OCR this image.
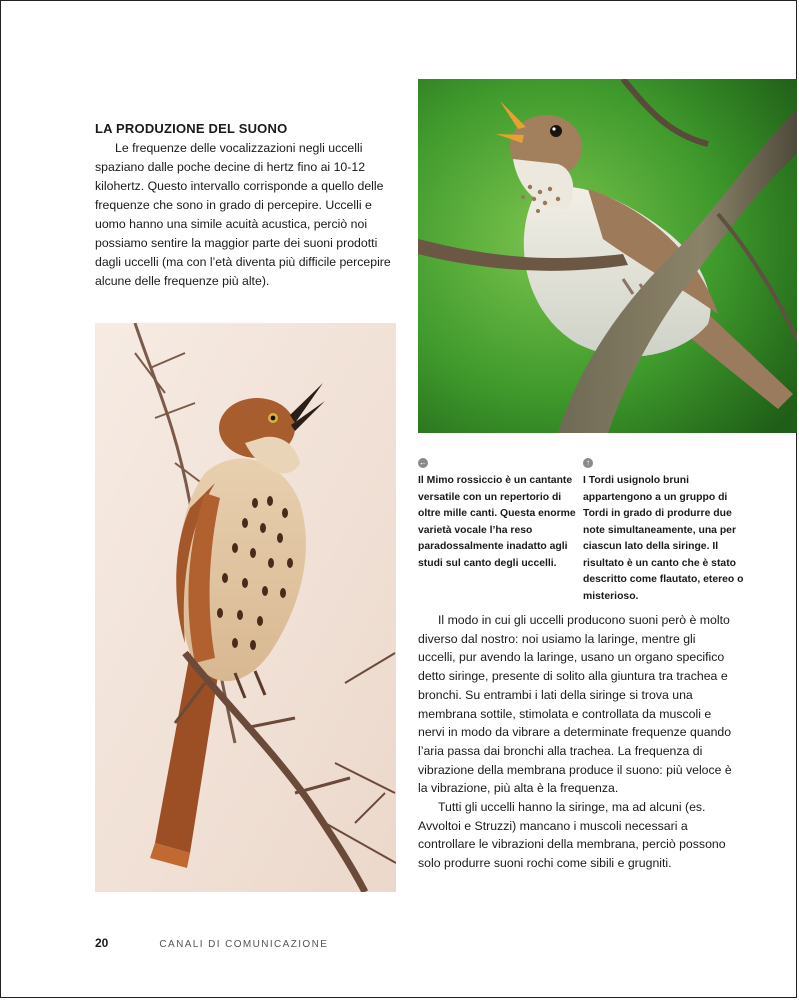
LA PRODUZIONE DEL SUONO

Le frequenze delle vocalizzazioni negli uccelli spaziano dalle poche decine di hertz fino ai 10-12 kilohertz. Questo intervallo corrisponde a quello delle frequenze che sono in grado di percepire. Uccelli e uomo hanno una simile acuità acustica, perciò noi possiamo sentire la maggior parte dei suoni prodotti dagli uccelli (ma con l’età diventa più difficile percepire alcune delle frequenze più alte).

←
Il Mimo rossiccio è un cantante versatile con un repertorio di oltre mille canti. Questa enorme varietà vocale l’ha reso paradossalmente inadatto agli studi sul canto degli uccelli.
↑
I Tordi usignolo bruni appartengono a un gruppo di Tordi in grado di produrre due note simultaneamente, una per ciascun lato della siringe. Il risultato è un canto che è stato descritto come flautato, etereo o misterioso.

Il modo in cui gli uccelli producono suoni però è molto diverso dal nostro: noi usiamo la laringe, mentre gli uccelli, pur avendo la laringe, usano un organo specifico detto siringe, presente di solito alla giuntura tra trachea e bronchi. Su entrambi i lati della siringe si trova una membrana sottile, stimolata e controllata da muscoli e nervi in modo da vibrare a determinate frequenze quando l’aria passa dai bronchi alla trachea. La frequenza di vibrazione della membrana produce il suono: più veloce è la vibrazione, più alta è la frequenza.

Tutti gli uccelli hanno la siringe, ma ad alcuni (es. Avvoltoi e Struzzi) mancano i muscoli necessari a controllare le vibrazioni della membrana, perciò possono solo produrre suoni rochi come sibili e grugniti.

20	CANALI DI COMUNICAZIONE
